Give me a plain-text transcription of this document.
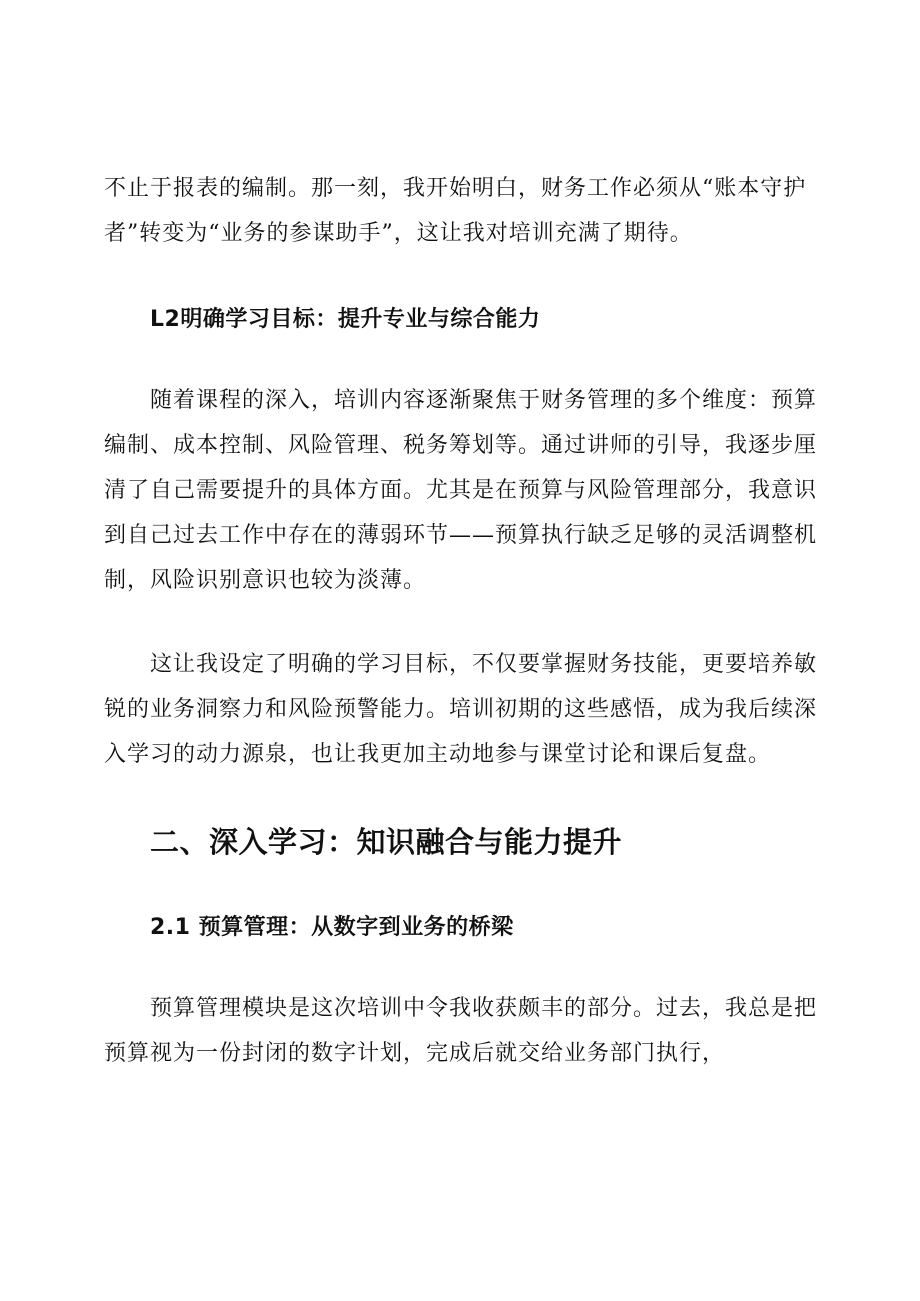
不止于报表的编制。那一刻，我开始明白，财务工作必须从“账本守护者”转变为“业务的参谋助手”，这让我对培训充满了期待。

L2明确学习目标：提升专业与综合能力

随着课程的深入，培训内容逐渐聚焦于财务管理的多个维度：预算编制、成本控制、风险管理、税务筹划等。通过讲师的引导，我逐步厘清了自己需要提升的具体方面。尤其是在预算与风险管理部分，我意识到自己过去工作中存在的薄弱环节——预算执行缺乏足够的灵活调整机制，风险识别意识也较为淡薄。

这让我设定了明确的学习目标，不仅要掌握财务技能，更要培养敏锐的业务洞察力和风险预警能力。培训初期的这些感悟，成为我后续深入学习的动力源泉，也让我更加主动地参与课堂讨论和课后复盘。

二、深入学习：知识融合与能力提升
2.1 预算管理：从数字到业务的桥梁

预算管理模块是这次培训中令我收获颇丰的部分。过去，我总是把预算视为一份封闭的数字计划，完成后就交给业务部门执行，
